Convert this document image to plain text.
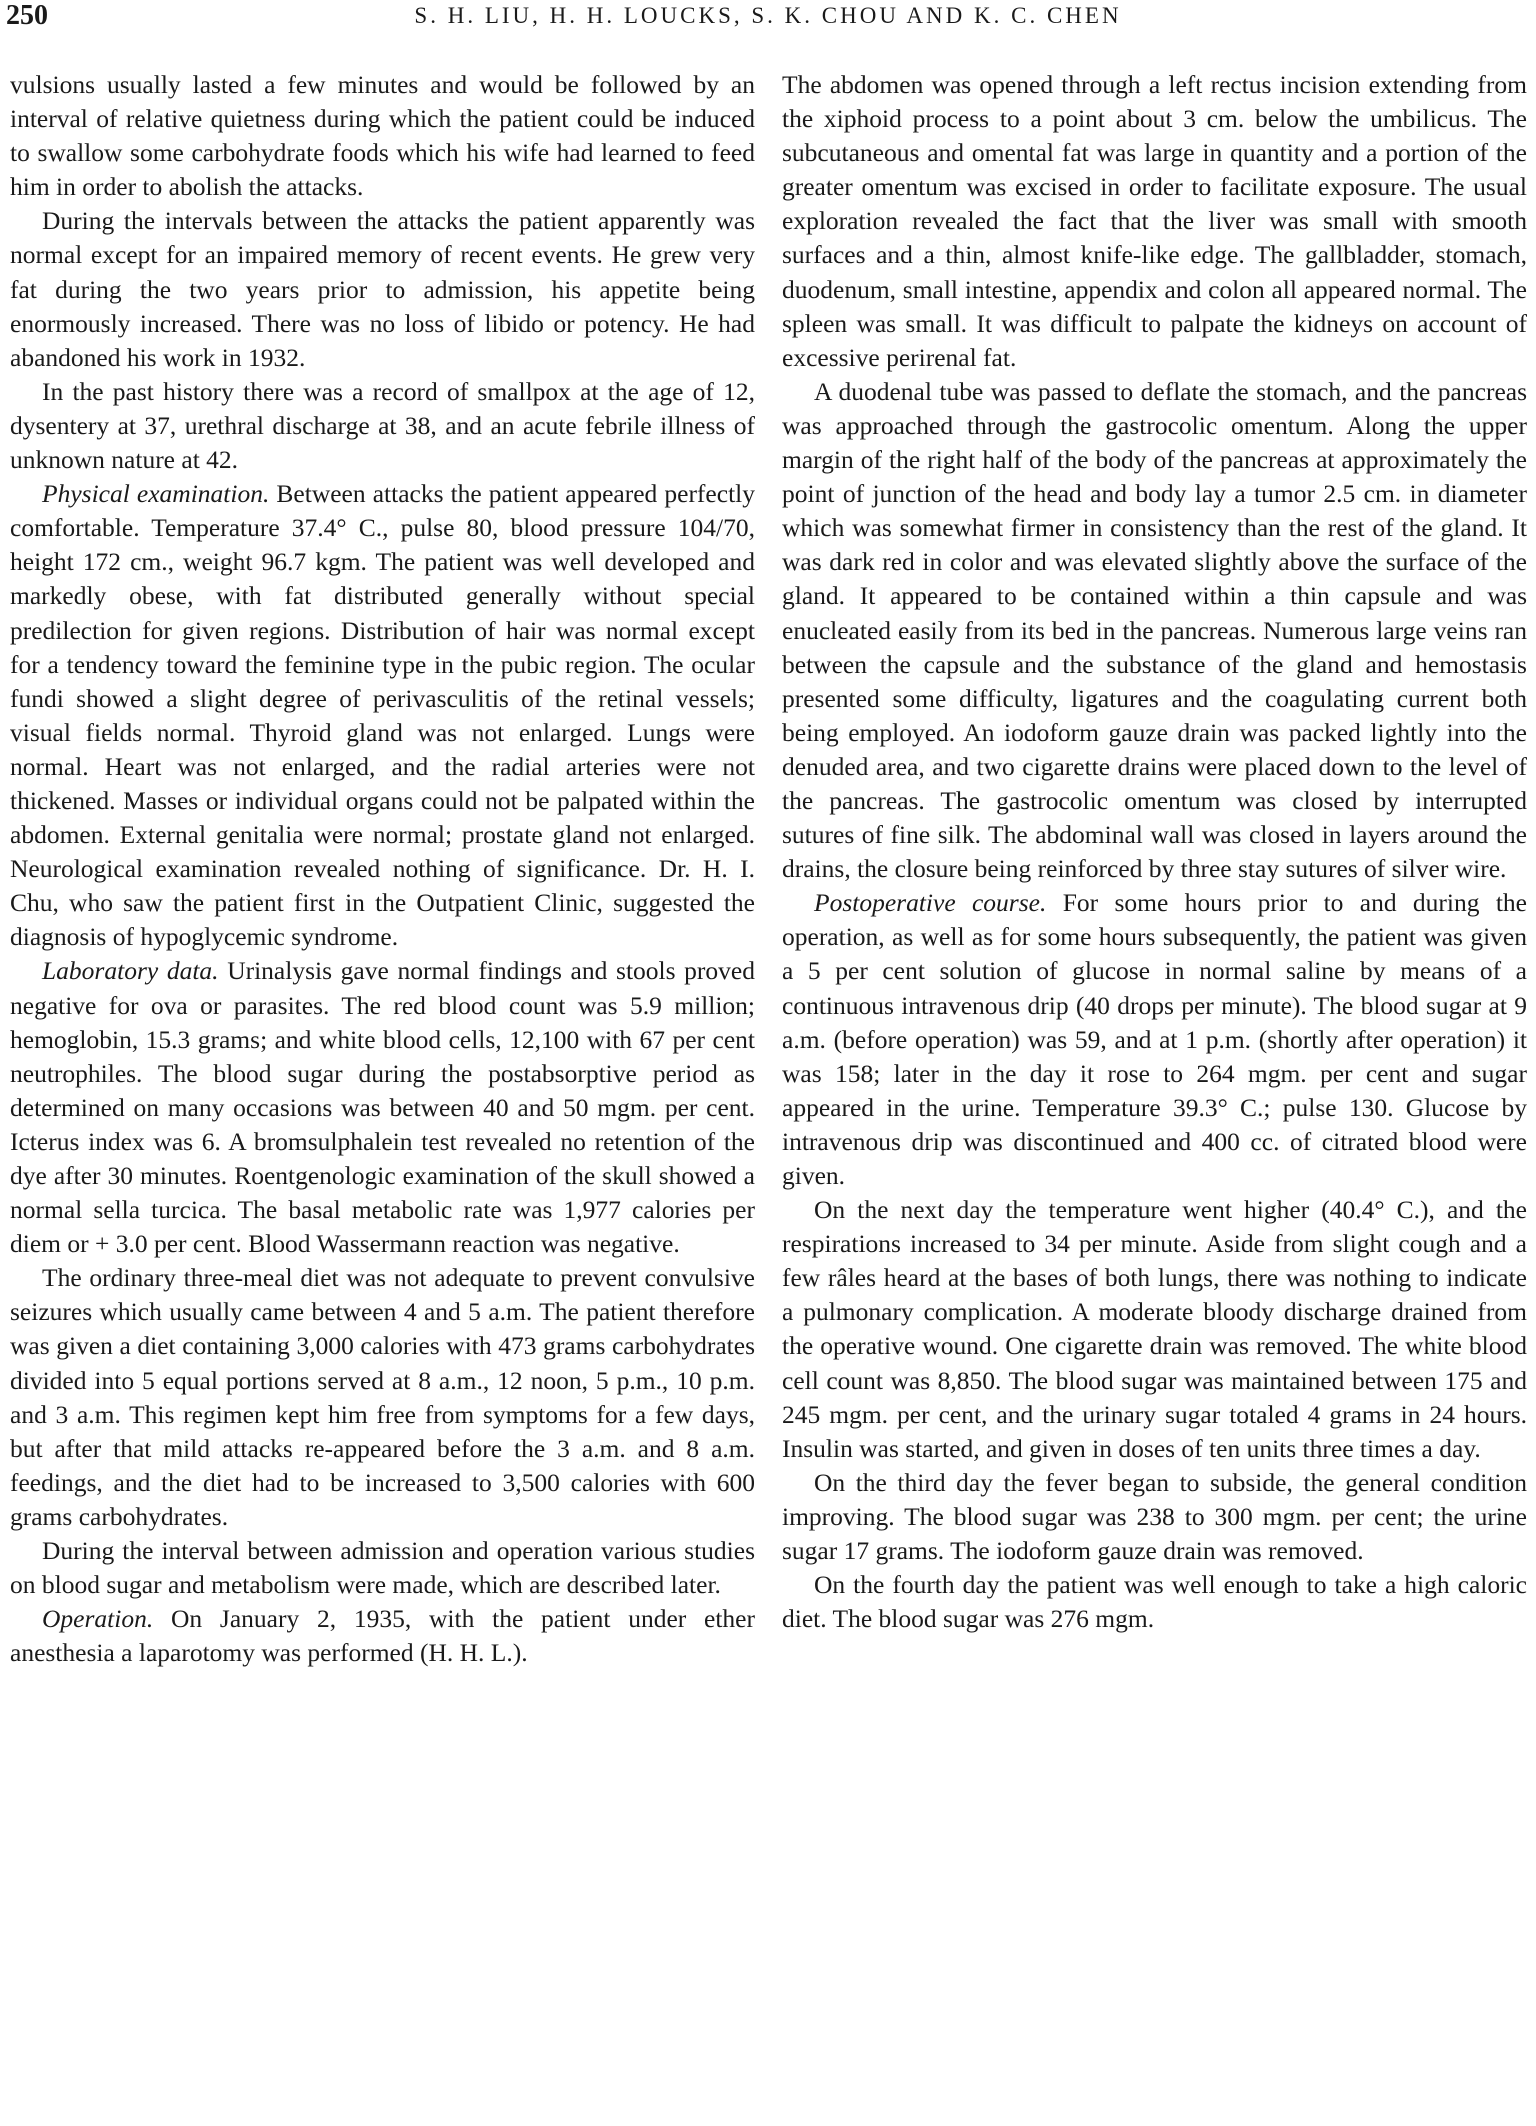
250	S. H. LIU, H. H. LOUCKS, S. K. CHOU AND K. C. CHEN

vulsions usually lasted a few minutes and would be followed by an interval of relative quietness during which the patient could be induced to swallow some carbohydrate foods which his wife had learned to feed him in order to abolish the attacks.

During the intervals between the attacks the patient apparently was normal except for an impaired memory of recent events. He grew very fat during the two years prior to admission, his appetite being enormously increased. There was no loss of libido or potency. He had abandoned his work in 1932.

In the past history there was a record of smallpox at the age of 12, dysentery at 37, urethral discharge at 38, and an acute febrile illness of unknown nature at 42.

Physical examination. Between attacks the patient appeared perfectly comfortable. Temperature 37.4° C., pulse 80, blood pressure 104/70, height 172 cm., weight 96.7 kgm. The patient was well developed and markedly obese, with fat distributed generally without special predilection for given regions. Distribution of hair was normal except for a tendency toward the feminine type in the pubic region. The ocular fundi showed a slight degree of perivasculitis of the retinal vessels; visual fields normal. Thyroid gland was not enlarged. Lungs were normal. Heart was not enlarged, and the radial arteries were not thickened. Masses or individual organs could not be palpated within the abdomen. External genitalia were normal; prostate gland not enlarged. Neurological examination revealed nothing of significance. Dr. H. I. Chu, who saw the patient first in the Outpatient Clinic, suggested the diagnosis of hypoglycemic syndrome.

Laboratory data. Urinalysis gave normal findings and stools proved negative for ova or parasites. The red blood count was 5.9 million; hemoglobin, 15.3 grams; and white blood cells, 12,100 with 67 per cent neutrophiles. The blood sugar during the postabsorptive period as determined on many occasions was between 40 and 50 mgm. per cent. Icterus index was 6. A bromsulphalein test revealed no retention of the dye after 30 minutes. Roentgenologic examination of the skull showed a normal sella turcica. The basal metabolic rate was 1,977 calories per diem or + 3.0 per cent. Blood Wassermann reaction was negative.

The ordinary three-meal diet was not adequate to prevent convulsive seizures which usually came between 4 and 5 a.m. The patient therefore was given a diet containing 3,000 calories with 473 grams carbohydrates divided into 5 equal portions served at 8 a.m., 12 noon, 5 p.m., 10 p.m. and 3 a.m. This regimen kept him free from symptoms for a few days, but after that mild attacks re-appeared before the 3 a.m. and 8 a.m. feedings, and the diet had to be increased to 3,500 calories with 600 grams carbohydrates.

During the interval between admission and operation various studies on blood sugar and metabolism were made, which are described later.

Operation. On January 2, 1935, with the patient under ether anesthesia a laparotomy was performed (H. H. L.).

The abdomen was opened through a left rectus incision extending from the xiphoid process to a point about 3 cm. below the umbilicus. The subcutaneous and omental fat was large in quantity and a portion of the greater omentum was excised in order to facilitate exposure. The usual exploration revealed the fact that the liver was small with smooth surfaces and a thin, almost knife-like edge. The gallbladder, stomach, duodenum, small intestine, appendix and colon all appeared normal. The spleen was small. It was difficult to palpate the kidneys on account of excessive perirenal fat.

A duodenal tube was passed to deflate the stomach, and the pancreas was approached through the gastrocolic omentum. Along the upper margin of the right half of the body of the pancreas at approximately the point of junction of the head and body lay a tumor 2.5 cm. in diameter which was somewhat firmer in consistency than the rest of the gland. It was dark red in color and was elevated slightly above the surface of the gland. It appeared to be contained within a thin capsule and was enucleated easily from its bed in the pancreas. Numerous large veins ran between the capsule and the substance of the gland and hemostasis presented some difficulty, ligatures and the coagulating current both being employed. An iodoform gauze drain was packed lightly into the denuded area, and two cigarette drains were placed down to the level of the pancreas. The gastrocolic omentum was closed by interrupted sutures of fine silk. The abdominal wall was closed in layers around the drains, the closure being reinforced by three stay sutures of silver wire.

Postoperative course. For some hours prior to and during the operation, as well as for some hours subsequently, the patient was given a 5 per cent solution of glucose in normal saline by means of a continuous intravenous drip (40 drops per minute). The blood sugar at 9 a.m. (before operation) was 59, and at 1 p.m. (shortly after operation) it was 158; later in the day it rose to 264 mgm. per cent and sugar appeared in the urine. Temperature 39.3° C.; pulse 130. Glucose by intravenous drip was discontinued and 400 cc. of citrated blood were given.

On the next day the temperature went higher (40.4° C.), and the respirations increased to 34 per minute. Aside from slight cough and a few râles heard at the bases of both lungs, there was nothing to indicate a pulmonary complication. A moderate bloody discharge drained from the operative wound. One cigarette drain was removed. The white blood cell count was 8,850. The blood sugar was maintained between 175 and 245 mgm. per cent, and the urinary sugar totaled 4 grams in 24 hours. Insulin was started, and given in doses of ten units three times a day.

On the third day the fever began to subside, the general condition improving. The blood sugar was 238 to 300 mgm. per cent; the urine sugar 17 grams. The iodoform gauze drain was removed.

On the fourth day the patient was well enough to take a high caloric diet. The blood sugar was 276 mgm.
